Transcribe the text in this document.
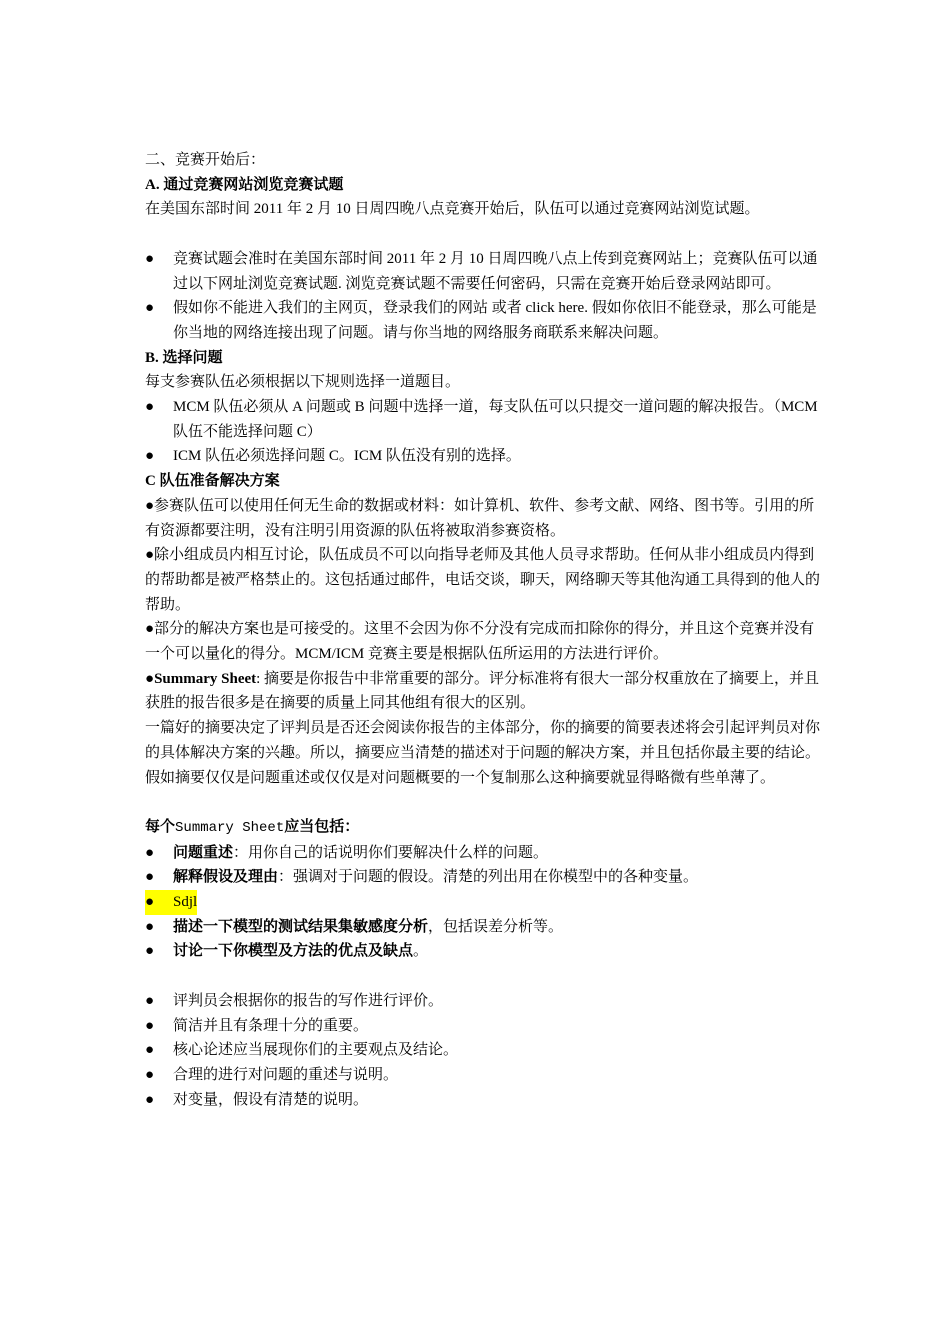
二、竞赛开始后：

A. 通过竞赛网站浏览竞赛试题

在美国东部时间 2011 年 2 月 10 日周四晚八点竞赛开始后，队伍可以通过竞赛网站浏览试题。

●	竞赛试题会准时在美国东部时间 2011 年 2 月 10 日周四晚八点上传到竞赛网站上；竞赛队伍可以通过以下网址浏览竞赛试题. 浏览竞赛试题不需要任何密码，只需在竞赛开始后登录网站即可。
●	假如你不能进入我们的主网页，登录我们的网站 或者 click here. 假如你依旧不能登录，那么可能是你当地的网络连接出现了问题。请与你当地的网络服务商联系来解决问题。

B. 选择问题

每支参赛队伍必须根据以下规则选择一道题目。

●	MCM 队伍必须从 A 问题或 B 问题中选择一道，每支队伍可以只提交一道问题的解决报告。（MCM 队伍不能选择问题 C）
●	ICM 队伍必须选择问题 C。ICM 队伍没有别的选择。

C 队伍准备解决方案

●参赛队伍可以使用任何无生命的数据或材料：如计算机、软件、参考文献、网络、图书等。引用的所有资源都要注明，没有注明引用资源的队伍将被取消参赛资格。

●除小组成员内相互讨论，队伍成员不可以向指导老师及其他人员寻求帮助。任何从非小组成员内得到的帮助都是被严格禁止的。这包括通过邮件，电话交谈，聊天，网络聊天等其他沟通工具得到的他人的帮助。

●部分的解决方案也是可接受的。这里不会因为你不分没有完成而扣除你的得分，并且这个竞赛并没有一个可以量化的得分。MCM/ICM 竞赛主要是根据队伍所运用的方法进行评价。

●Summary Sheet: 摘要是你报告中非常重要的部分。评分标准将有很大一部分权重放在了摘要上，并且获胜的报告很多是在摘要的质量上同其他组有很大的区别。

一篇好的摘要决定了评判员是否还会阅读你报告的主体部分，你的摘要的简要表述将会引起评判员对你的具体解决方案的兴趣。所以，摘要应当清楚的描述对于问题的解决方案，并且包括你最主要的结论。假如摘要仅仅是问题重述或仅仅是对问题概要的一个复制那么这种摘要就显得略微有些单薄了。

每个Summary Sheet应当包括：

●	问题重述：用你自己的话说明你们要解决什么样的问题。
●	解释假设及理由：强调对于问题的假设。清楚的列出用在你模型中的各种变量。
● Sdjl
●	描述一下模型的测试结果集敏感度分析，包括误差分析等。
●	讨论一下你模型及方法的优点及缺点。
●	评判员会根据你的报告的写作进行评价。
●	简洁并且有条理十分的重要。
●	核心论述应当展现你们的主要观点及结论。
●	合理的进行对问题的重述与说明。
●	对变量，假设有清楚的说明。
